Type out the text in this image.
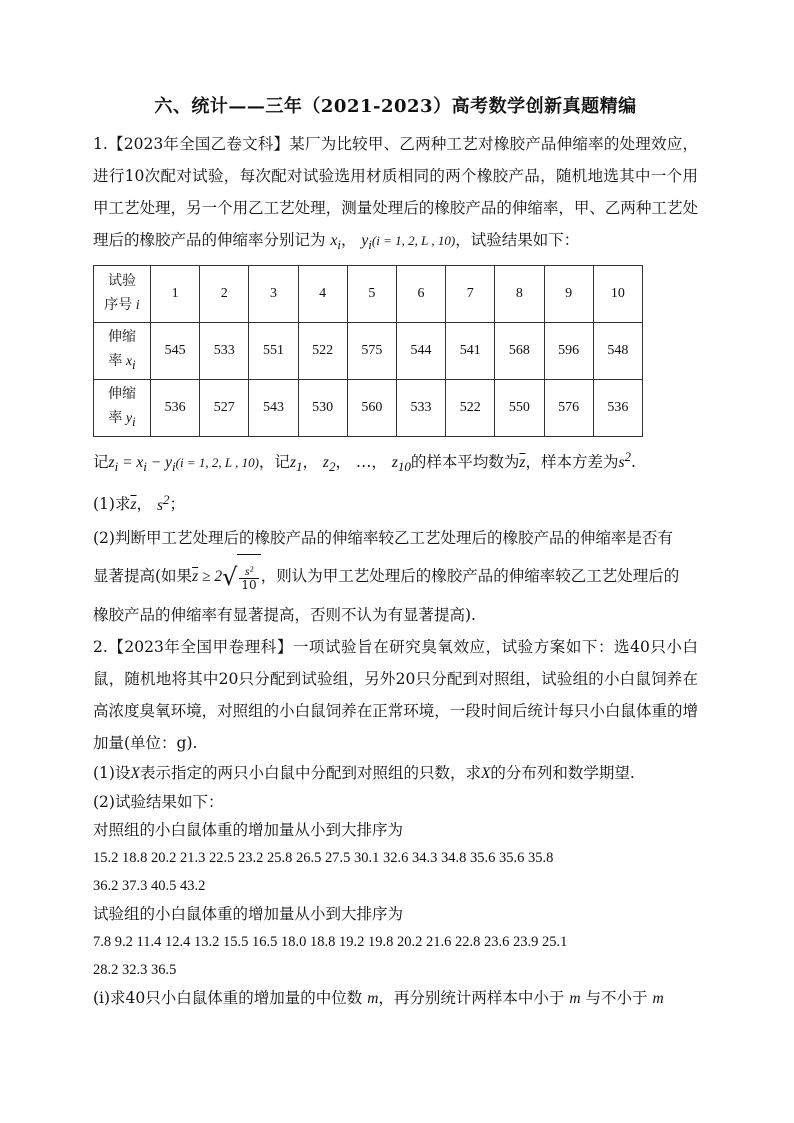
六、统计——三年（2021-2023）高考数学创新真题精编

1.【2023年全国乙卷文科】某厂为比较甲、乙两种工艺对橡胶产品伸缩率的处理效应，进行10次配对试验，每次配对试验选用材质相同的两个橡胶产品，随机地选其中一个用甲工艺处理，另一个用乙工艺处理，测量处理后的橡胶产品的伸缩率，甲、乙两种工艺处理后的橡胶产品的伸缩率分别记为 $x_i$， $y_i(i = 1$, 2, L , 10)，试验结果如下：

试验
序号 i	1	2	3	4	5	6	7	8	9	10
伸缩
率 $x_i$	545	533	551	522	575	544	541	568	596	548
伸缩
率 $y_i$	536	527	543	530	560	533	522	550	576	536

记$z_i = x_i - y_i(i = 1$, 2, L , 10)，记$z_1$， $z_2$， …， $z_{10}$的样本平均数为$\overline{z}$，样本方差为$s^2$.

(1)求$\overline{z}$， $s^2$；

(2)判断甲工艺处理后的橡胶产品的伸缩率较乙工艺处理后的橡胶产品的伸缩率是否有

显著提高(如果$\overline{z} \ge 2√ \frac{\text{s²}}{10}$ ，则认为甲工艺处理后的橡胶产品的伸缩率较乙工艺处理后的

橡胶产品的伸缩率有显著提高，否则不认为有显著提高).

2.【2023年全国甲卷理科】一项试验旨在研究臭氧效应，试验方案如下：选40只小白鼠，随机地将其中20只分配到试验组，另外20只分配到对照组，试验组的小白鼠饲养在高浓度臭氧环境，对照组的小白鼠饲养在正常环境，一段时间后统计每只小白鼠体重的增加量(单位：g).

(1)设X表示指定的两只小白鼠中分配到对照组的只数，求X的分布列和数学期望.

(2)试验结果如下：

对照组的小白鼠体重的增加量从小到大排序为

15.2 18.8 20.2 21.3 22.5 23.2 25.8 26.5 27.5 30.1 32.6 34.3 34.8 35.6 35.6 35.8

36.2 37.3 40.5 43.2

试验组的小白鼠体重的增加量从小到大排序为

7.8 9.2 11.4 12.4 13.2 15.5 16.5 18.0 18.8 19.2 19.8 20.2 21.6 22.8 23.6 23.9 25.1

28.2 32.3 36.5

(i)求40只小白鼠体重的增加量的中位数 m，再分别统计两样本中小于 m 与不小于 m
